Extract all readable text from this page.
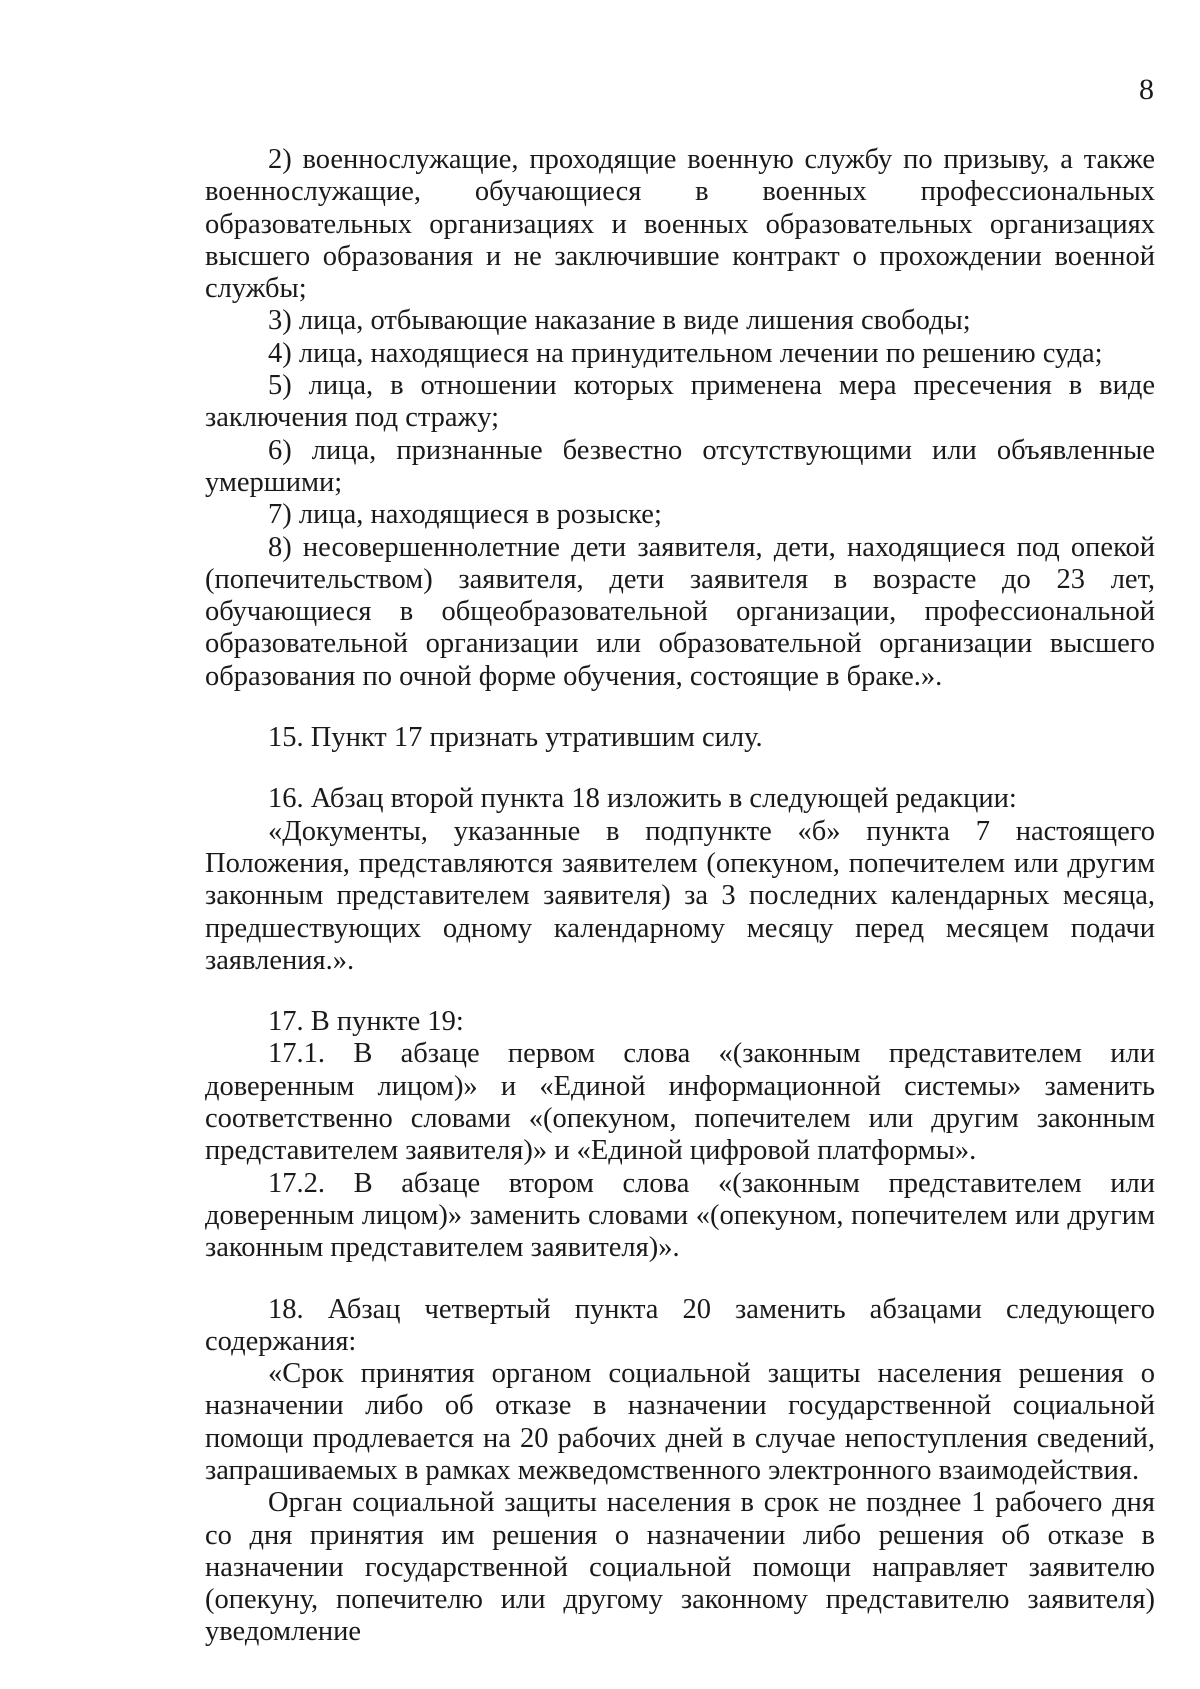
8

2) военнослужащие, проходящие военную службу по призыву, а также военнослужащие, обучающиеся в военных профессиональных образовательных организациях и военных образовательных организациях высшего образования и не заключившие контракт о прохождении военной службы;

3) лица, отбывающие наказание в виде лишения свободы;

4) лица, находящиеся на принудительном лечении по решению суда;

5) лица, в отношении которых применена мера пресечения в виде заключения под стражу;

6) лица, признанные безвестно отсутствующими или объявленные умершими;

7) лица, находящиеся в розыске;

8) несовершеннолетние дети заявителя, дети, находящиеся под опекой (попечительством) заявителя, дети заявителя в возрасте до 23 лет, обучающиеся в общеобразовательной организации, профессиональной образовательной организации или образовательной организации высшего образования по очной форме обучения, состоящие в браке.».

15. Пункт 17 признать утратившим силу.

16. Абзац второй пункта 18 изложить в следующей редакции:

«Документы, указанные в подпункте «б» пункта 7 настоящего Положения, представляются заявителем (опекуном, попечителем или другим законным представителем заявителя) за 3 последних календарных месяца, предшествующих одному календарному месяцу перед месяцем подачи заявления.».

17. В пункте 19:

17.1. В абзаце первом слова «(законным представителем или доверенным лицом)» и «Единой информационной системы» заменить соответственно словами «(опекуном, попечителем или другим законным представителем заявителя)» и «Единой цифровой платформы».

17.2. В абзаце втором слова «(законным представителем или доверенным лицом)» заменить словами «(опекуном, попечителем или другим законным представителем заявителя)».

18. Абзац четвертый пункта 20 заменить абзацами следующего содержания:

«Срок принятия органом социальной защиты населения решения о назначении либо об отказе в назначении государственной социальной помощи продлевается на 20 рабочих дней в случае непоступления сведений, запрашиваемых в рамках межведомственного электронного взаимодействия.

Орган социальной защиты населения в срок не позднее 1 рабочего дня со дня принятия им решения о назначении либо решения об отказе в назначении государственной социальной помощи направляет заявителю (опекуну, попечителю или другому законному представителю заявителя) уведомление
